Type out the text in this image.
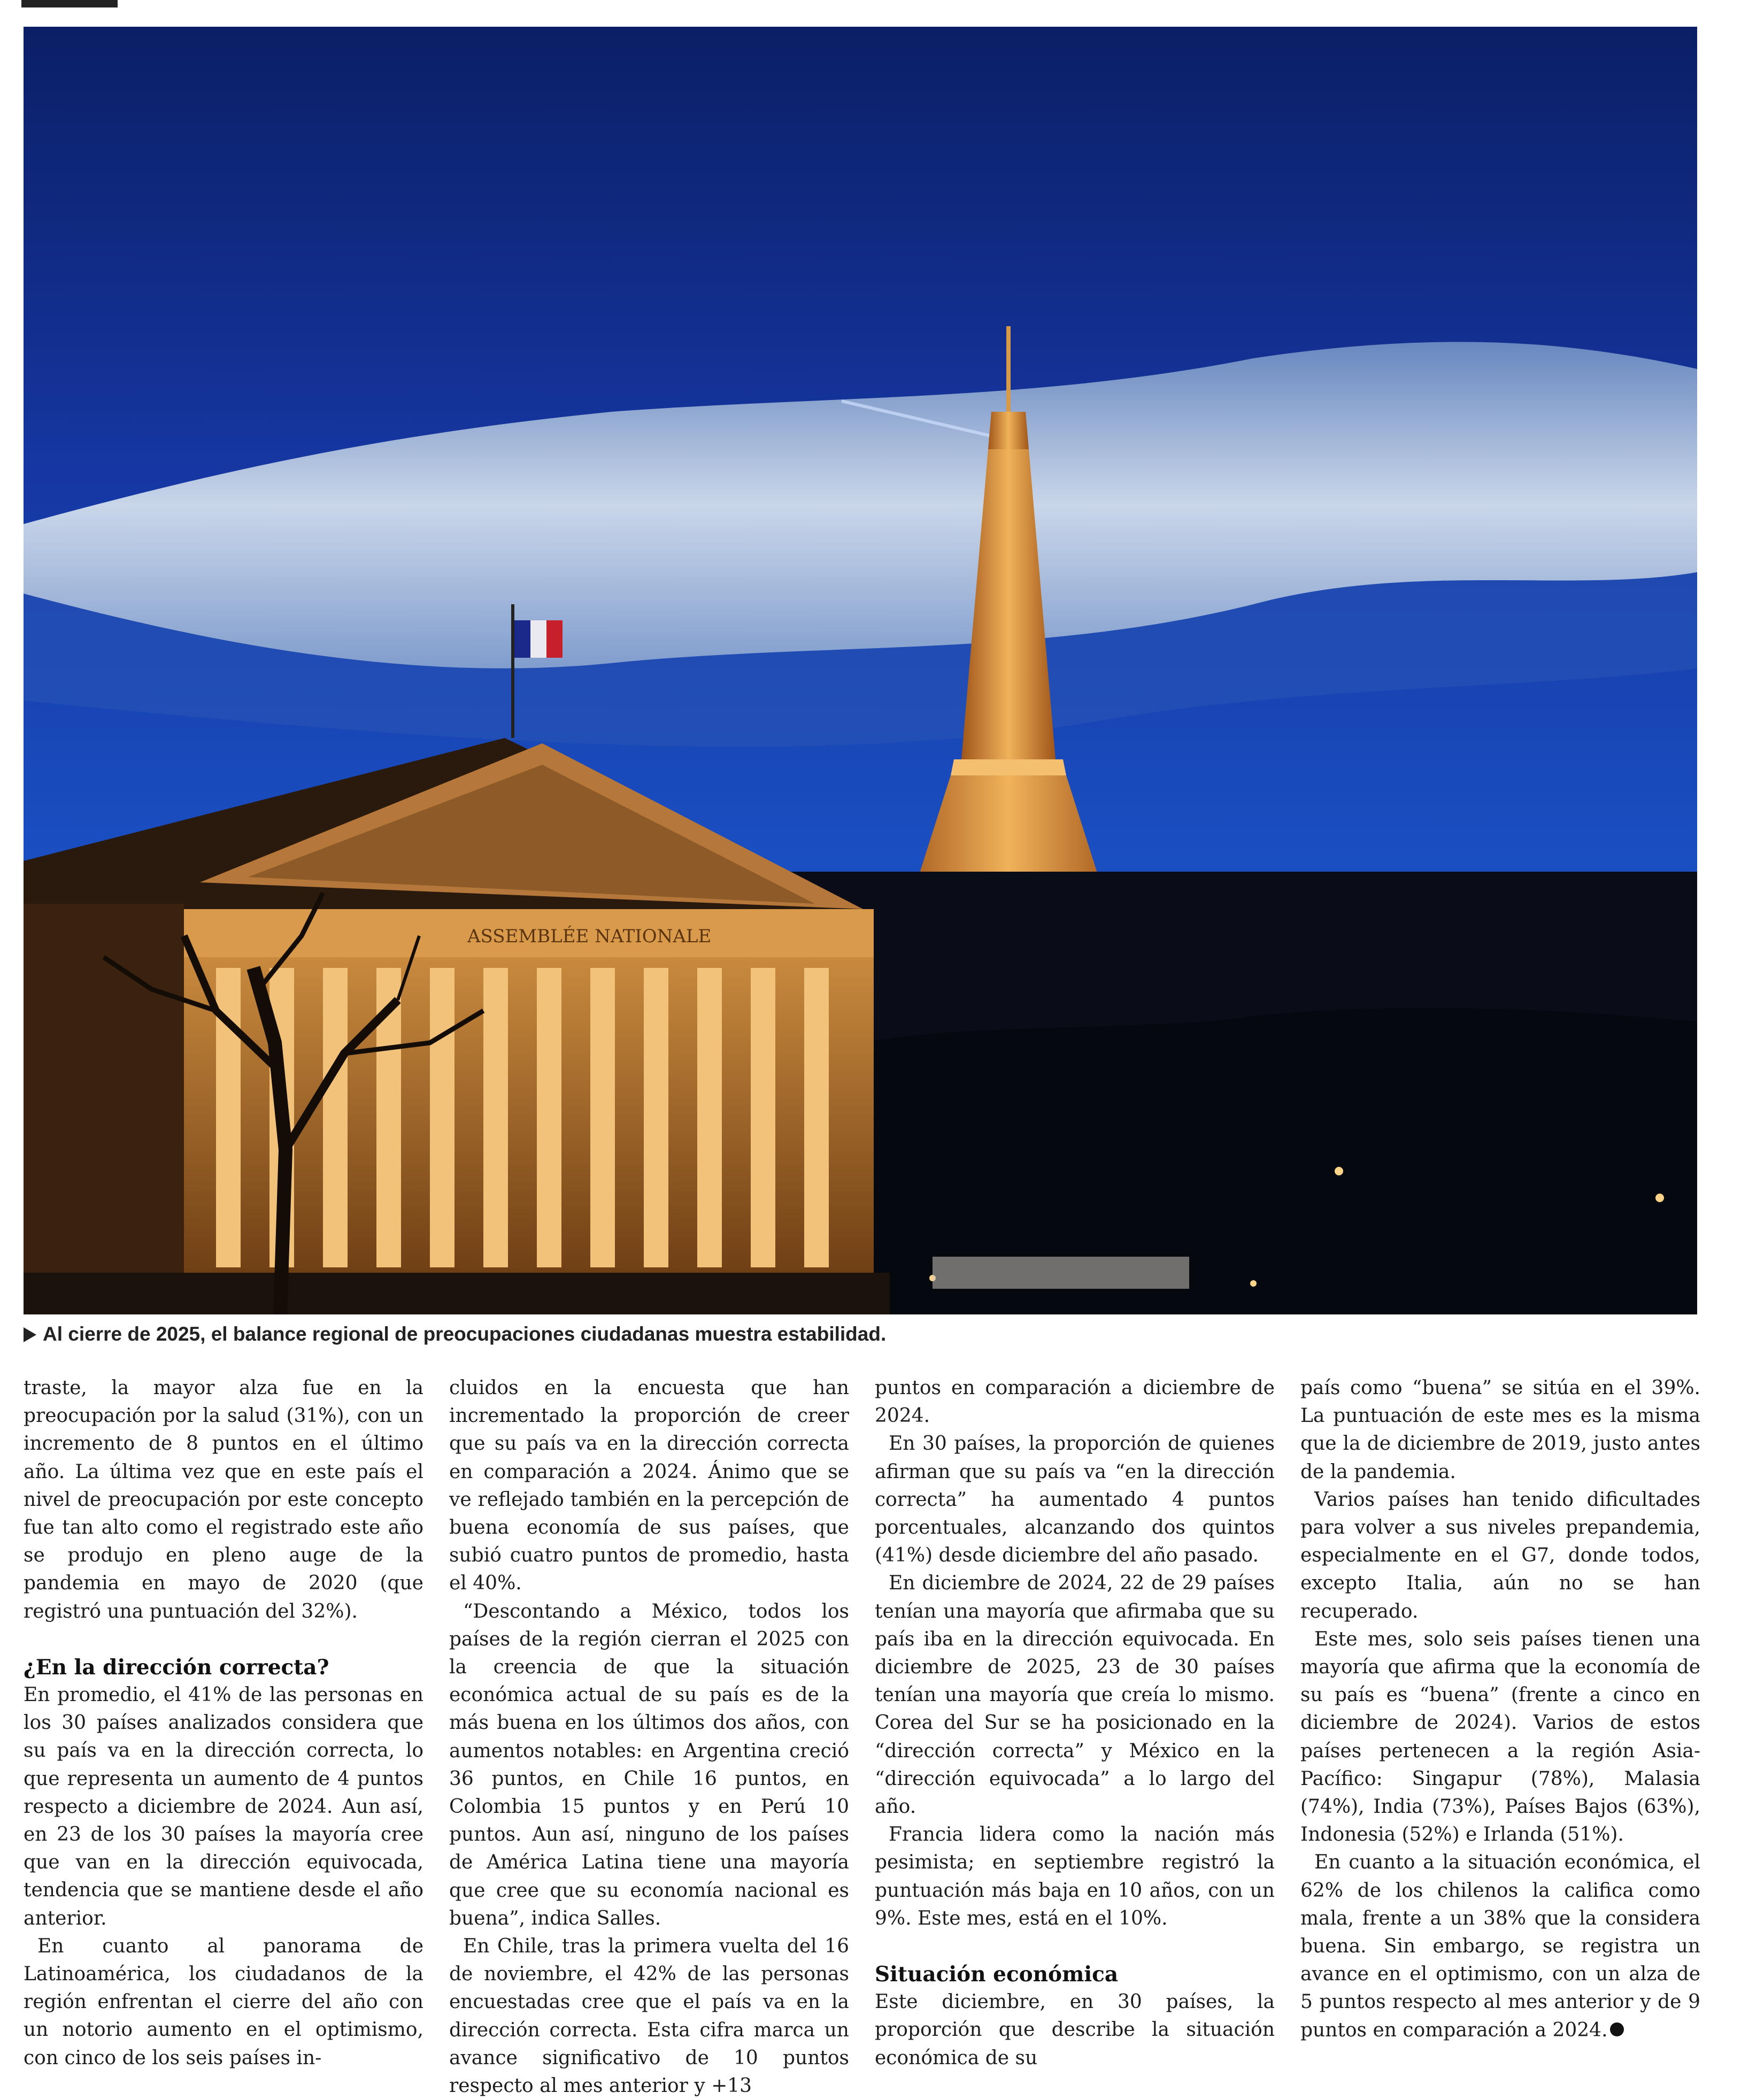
ASSEMBLÉE NATIONALE
Al cierre de 2025, el balance regional de preocupaciones ciudadanas muestra estabilidad.

traste, la mayor alza fue en la preocupación por la salud (31%), con un incremento de 8 puntos en el último año. La última vez que en este país el nivel de preocupación por este concepto fue tan alto como el registrado este año se produjo en pleno auge de la pandemia en mayo de 2020 (que registró una puntuación del 32%).

¿En la dirección correcta?

En promedio, el 41% de las personas en los 30 países analizados considera que su país va en la dirección correcta, lo que representa un aumento de 4 puntos respecto a diciembre de 2024. Aun así, en 23 de los 30 países la mayoría cree que van en la dirección equivocada, tendencia que se mantiene desde el año anterior.

En cuanto al panorama de Latinoamérica, los ciudadanos de la región enfrentan el cierre del año con un notorio aumento en el optimismo, con cinco de los seis países in-

cluidos en la encuesta que han incrementado la proporción de creer que su país va en la dirección correcta en comparación a 2024. Ánimo que se ve reflejado también en la percepción de buena economía de sus países, que subió cuatro puntos de promedio, hasta el 40%.

“Descontando a México, todos los países de la región cierran el 2025 con la creencia de que la situación económica actual de su país es de la más buena en los últimos dos años, con aumentos notables: en Argentina creció 36 puntos, en Chile 16 puntos, en Colombia 15 puntos y en Perú 10 puntos. Aun así, ninguno de los países de América Latina tiene una mayoría que cree que su economía nacional es buena”, indica Salles.

En Chile, tras la primera vuelta del 16 de noviembre, el 42% de las personas encuestadas cree que el país va en la dirección correcta. Esta cifra marca un avance significativo de 10 puntos respecto al mes anterior y +13

puntos en comparación a diciembre de 2024.

En 30 países, la proporción de quienes afirman que su país va “en la dirección correcta” ha aumentado 4 puntos porcentuales, alcanzando dos quintos (41%) desde diciembre del año pasado.

En diciembre de 2024, 22 de 29 países tenían una mayoría que afirmaba que su país iba en la dirección equivocada. En diciembre de 2025, 23 de 30 países tenían una mayoría que creía lo mismo. Corea del Sur se ha posicionado en la “dirección correcta” y México en la “dirección equivocada” a lo largo del año.

Francia lidera como la nación más pesimista; en septiembre registró la puntuación más baja en 10 años, con un 9%. Este mes, está en el 10%.

Situación económica

Este diciembre, en 30 países, la proporción que describe la situación económica de su

país como “buena” se sitúa en el 39%. La puntuación de este mes es la misma que la de diciembre de 2019, justo antes de la pandemia.

Varios países han tenido dificultades para volver a sus niveles prepandemia, especialmente en el G7, donde todos, excepto Italia, aún no se han recuperado.

Este mes, solo seis países tienen una mayoría que afirma que la economía de su país es “buena” (frente a cinco en diciembre de 2024). Varios de estos países pertenecen a la región Asia-Pacífico: Singapur (78%), Malasia (74%), India (73%), Países Bajos (63%), Indonesia (52%) e Irlanda (51%).

En cuanto a la situación económica, el 62% de los chilenos la califica como mala, frente a un 38% que la considera buena. Sin embargo, se registra un avance en el optimismo, con un alza de 5 puntos respecto al mes anterior y de 9 puntos en comparación a 2024.
